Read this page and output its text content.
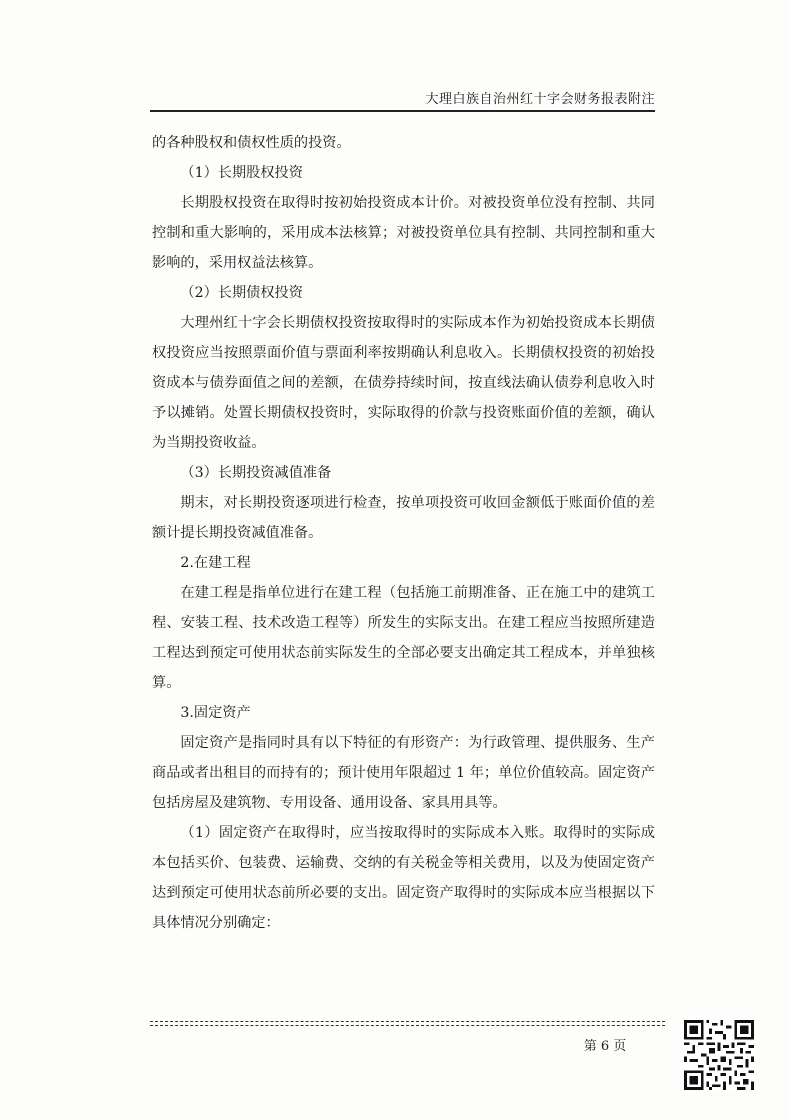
大理白族自治州红十字会财务报表附注

的各种股权和债权性质的投资。

（1）长期股权投资

长期股权投资在取得时按初始投资成本计价。对被投资单位没有控制、共同控制和重大影响的，采用成本法核算；对被投资单位具有控制、共同控制和重大影响的，采用权益法核算。

（2）长期债权投资

大理州红十字会长期债权投资按取得时的实际成本作为初始投资成本长期债权投资应当按照票面价值与票面利率按期确认利息收入。长期债权投资的初始投资成本与债券面值之间的差额，在债券持续时间，按直线法确认债券利息收入时予以摊销。处置长期债权投资时，实际取得的价款与投资账面价值的差额，确认为当期投资收益。

（3）长期投资减值准备

期末，对长期投资逐项进行检查，按单项投资可收回金额低于账面价值的差额计提长期投资减值准备。

2.在建工程

在建工程是指单位进行在建工程（包括施工前期准备、正在施工中的建筑工程、安装工程、技术改造工程等）所发生的实际支出。在建工程应当按照所建造工程达到预定可使用状态前实际发生的全部必要支出确定其工程成本，并单独核算。

3.固定资产

固定资产是指同时具有以下特征的有形资产：为行政管理、提供服务、生产商品或者出租目的而持有的；预计使用年限超过 1 年；单位价值较高。固定资产包括房屋及建筑物、专用设备、通用设备、家具用具等。

（1）固定资产在取得时，应当按取得时的实际成本入账。取得时的实际成本包括买价、包装费、运输费、交纳的有关税金等相关费用，以及为使固定资产达到预定可使用状态前所必要的支出。固定资产取得时的实际成本应当根据以下具体情况分别确定：

第 6 页
